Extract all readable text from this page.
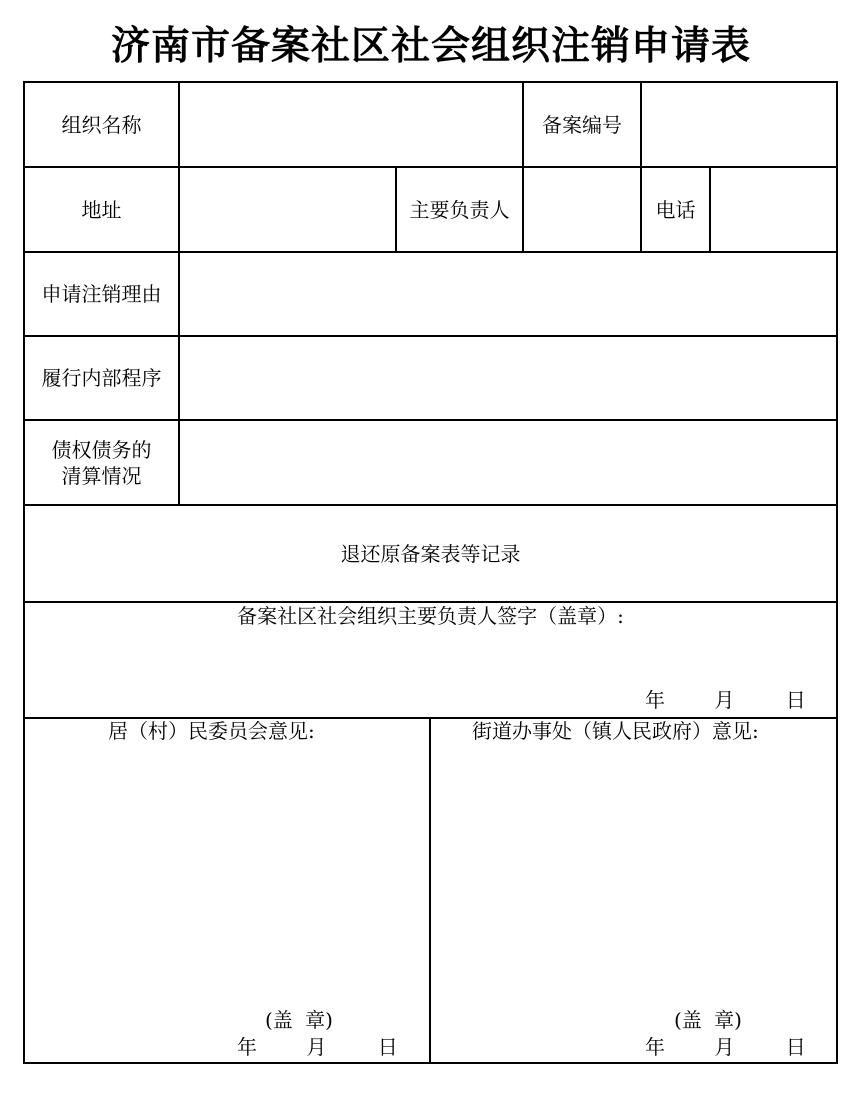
济南市备案社区社会组织注销申请表
组织名称	备案编号
地址	主要负责人	电话
申请注销理由
履行内部程序
债权债务的
清算情况
退还原备案表等记录
备案社区社会组织主要负责人签字（盖章）:
年 月	日
居（村）民委员会意见:
(盖 章)
年 月	日
街道办事处（镇人民政府）意见:
(盖 章)
年 月	日
